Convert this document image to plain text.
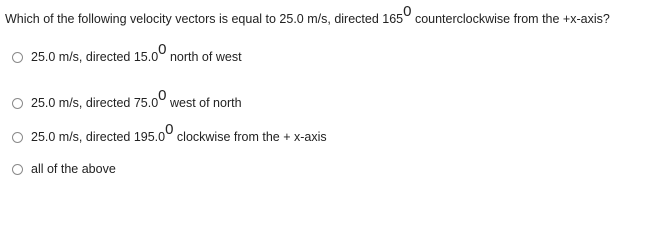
Which of the following velocity vectors is equal to 25.0 m/s, directed $165^0$ counterclockwise from the +x-axis?
25.0 m/s, directed 15.0$^0$ north of west
25.0 m/s, directed 75.0$^0$ west of north
25.0 m/s, directed 195.0$^0$ clockwise from the + x-axis
all of the above
